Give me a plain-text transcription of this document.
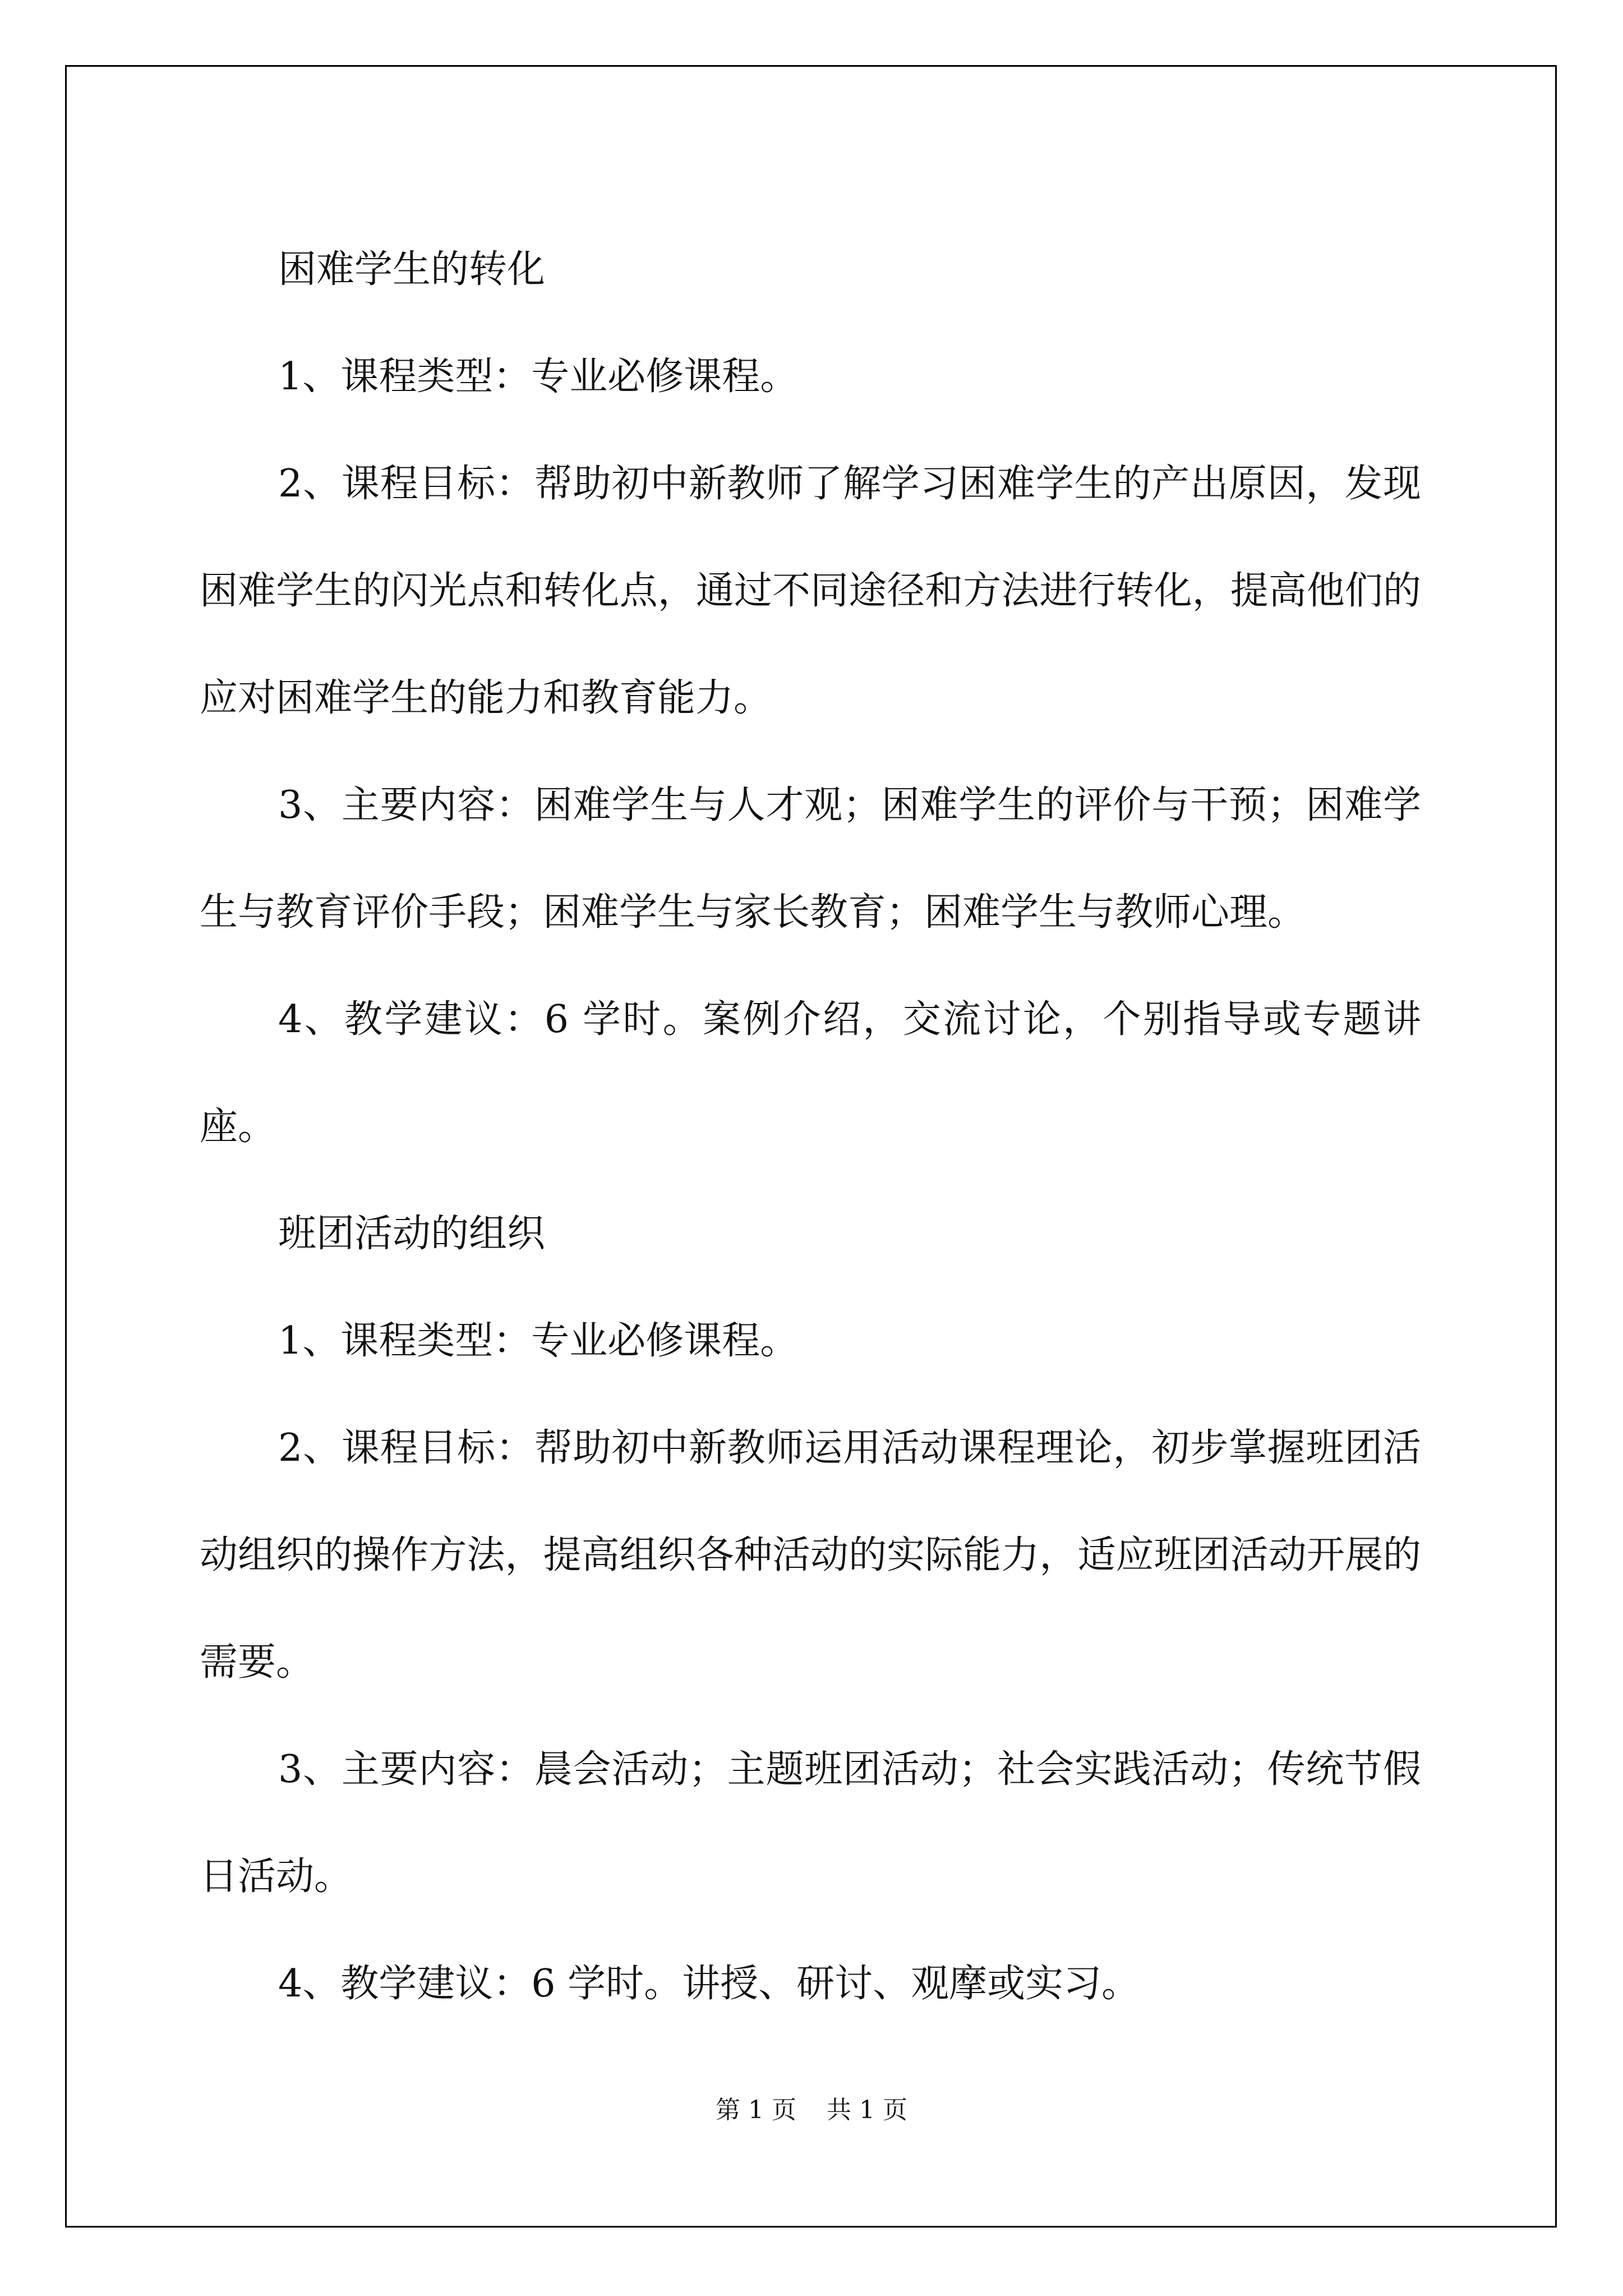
困难学生的转化

1、课程类型：专业必修课程。

2、课程目标：帮助初中新教师了解学习困难学生的产出原因，发现困难学生的闪光点和转化点，通过不同途径和方法进行转化，提高他们的应对困难学生的能力和教育能力。

3、主要内容：困难学生与人才观；困难学生的评价与干预；困难学生与教育评价手段；困难学生与家长教育；困难学生与教师心理。

4、教学建议：6 学时。案例介绍，交流讨论，个别指导或专题讲座。

班团活动的组织

1、课程类型：专业必修课程。

2、课程目标：帮助初中新教师运用活动课程理论，初步掌握班团活动组织的操作方法，提高组织各种活动的实际能力，适应班团活动开展的需要。

3、主要内容：晨会活动；主题班团活动；社会实践活动；传统节假日活动。

4、教学建议：6 学时。讲授、研讨、观摩或实习。

第 1 页 共 1 页
